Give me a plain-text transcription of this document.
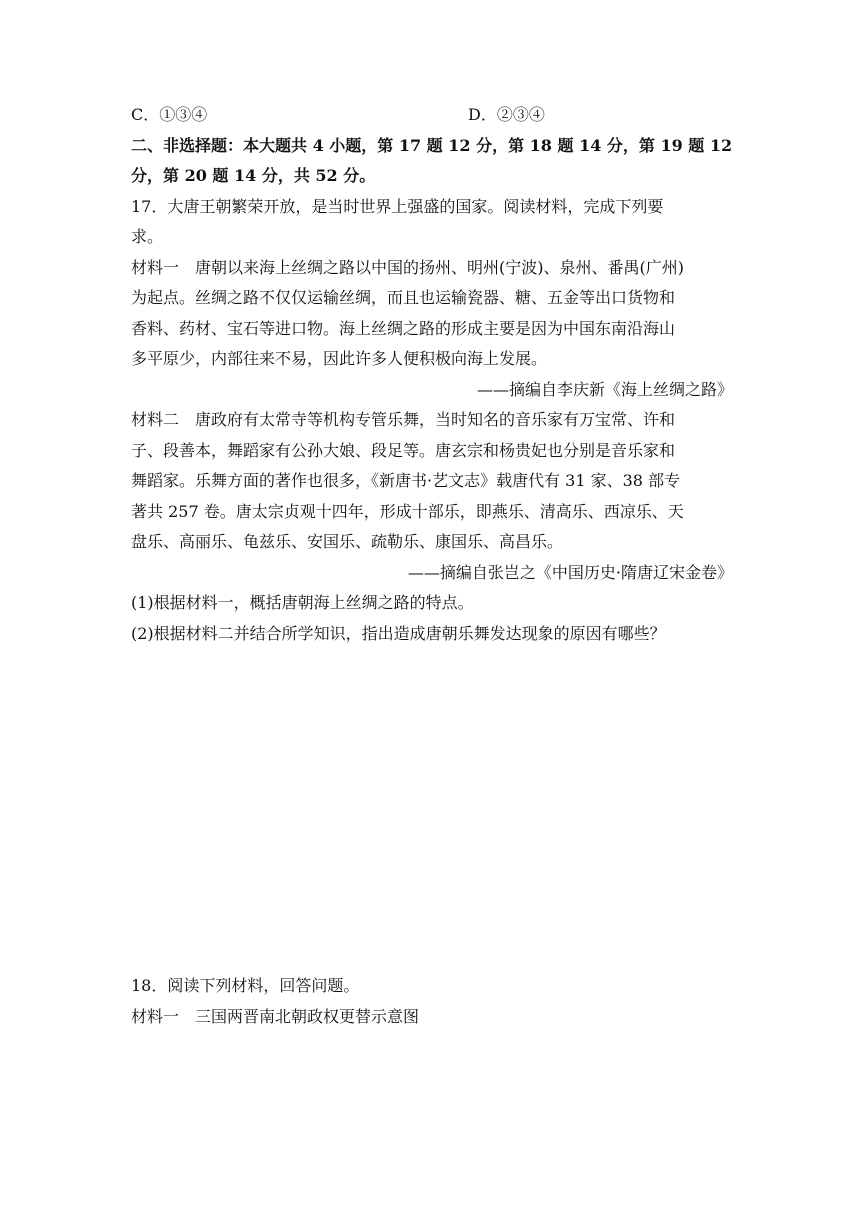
C．①③④	D．②③④
二、非选择题：本大题共 4 小题，第 17 题 12 分，第 18 题 14 分，第 19 题 12
分，第 20 题 14 分，共 52 分。
17．大唐王朝繁荣开放，是当时世界上强盛的国家。阅读材料，完成下列要
求。
材料一　唐朝以来海上丝绸之路以中国的扬州、明州(宁波)、泉州、番禺(广州)
为起点。丝绸之路不仅仅运输丝绸，而且也运输瓷器、糖、五金等出口货物和
香料、药材、宝石等进口物。海上丝绸之路的形成主要是因为中国东南沿海山
多平原少，内部往来不易，因此许多人便积极向海上发展。
——摘编自李庆新《海上丝绸之路》
材料二　唐政府有太常寺等机构专管乐舞，当时知名的音乐家有万宝常、许和
子、段善本，舞蹈家有公孙大娘、段足等。唐玄宗和杨贵妃也分别是音乐家和
舞蹈家。乐舞方面的著作也很多，《新唐书·艺文志》载唐代有 31 家、38 部专
著共 257 卷。唐太宗贞观十四年，形成十部乐，即燕乐、清高乐、西凉乐、天
盘乐、高丽乐、龟兹乐、安国乐、疏勒乐、康国乐、高昌乐。
——摘编自张岂之《中国历史·隋唐辽宋金卷》
(1)根据材料一，概括唐朝海上丝绸之路的特点。
(2)根据材料二并结合所学知识，指出造成唐朝乐舞发达现象的原因有哪些？
18．阅读下列材料，回答问题。
材料一　三国两晋南北朝政权更替示意图
